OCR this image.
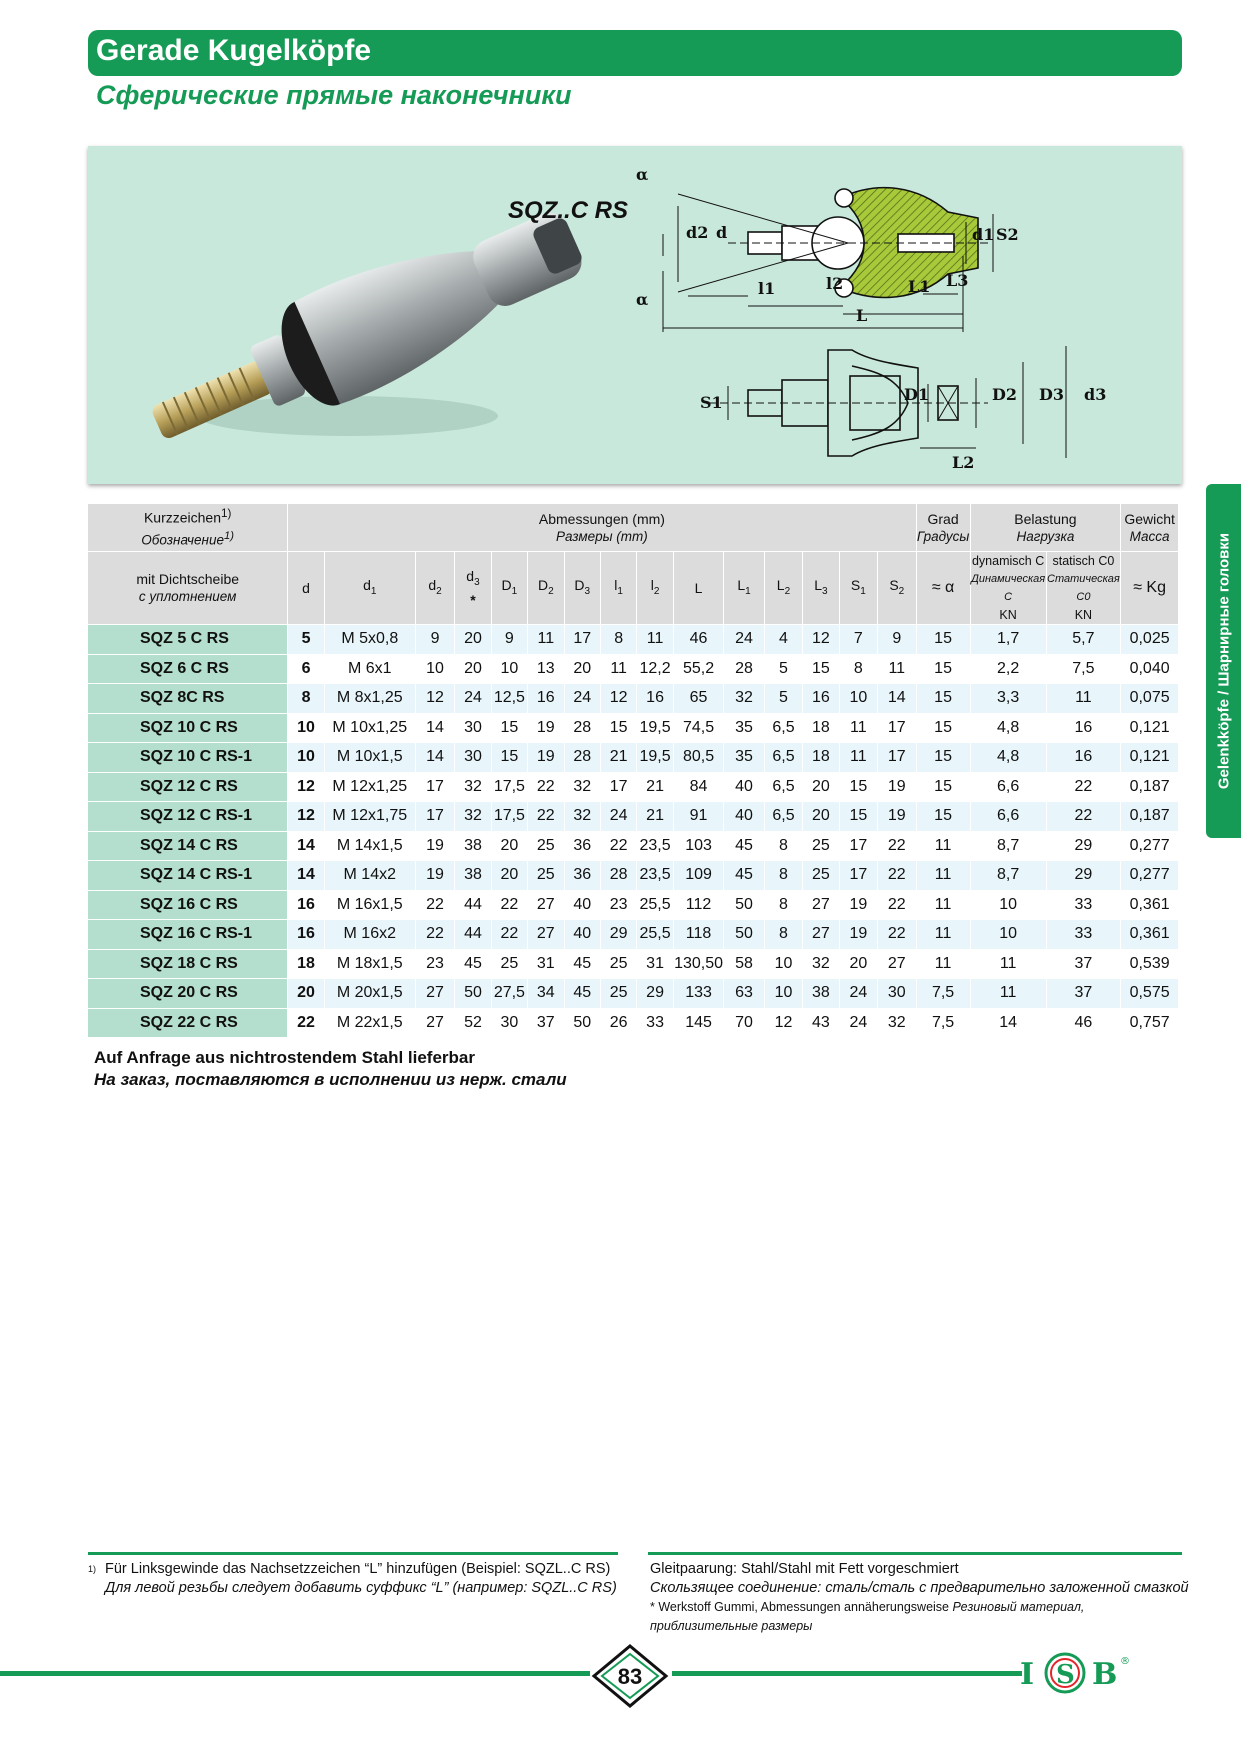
Gerade Kugelköpfe
Сферические прямые наконечники
SQZ..C RS
α
α
d2 d	d1 S2
l1	l2	L1 L3
L
S1	D1	D2 D3 d3
L2
Gelenkköpfe / Шарнирные головки
Kurzzeichen$^{1)}$
Обозначение$^{1)}$	Abmessungen (mm)
Размеры (mm)															Grad
Градусы	Belastung
Нагрузка		Gewicht
Масса

mit Dichtscheibe
с уплотнением	d	$d_1$	$d_2$	$d_3$
*	$D_1$	$D_2$	$D_3$	$l_1$	$l_2$	L	$L_1$	$L_2$	$L_3$	$S_1$	$S_2$	≈ α	dynamisch C
Динамическая C
KN	statisch C0
Статическая C0
KN	≈ Kg
SQZ 5 C RS	5	M 5x0,8	9	20	9	11	17	8	11	46	24	4	12	7	9	15	1,7	5,7	0,025
SQZ 6 C RS	6	M 6x1	10	20	10	13	20	11	12,2	55,2	28	5	15	8	11	15	2,2	7,5	0,040
SQZ 8C RS	8	M 8x1,25	12	24	12,5	16	24	12	16	65	32	5	16	10	14	15	3,3	11	0,075
SQZ 10 C RS	10	M 10x1,25	14	30	15	19	28	15	19,5	74,5	35	6,5	18	11	17	15	4,8	16	0,121
SQZ 10 C RS-1	10	M 10x1,5	14	30	15	19	28	21	19,5	80,5	35	6,5	18	11	17	15	4,8	16	0,121
SQZ 12 C RS	12	M 12x1,25	17	32	17,5	22	32	17	21	84	40	6,5	20	15	19	15	6,6	22	0,187
SQZ 12 C RS-1	12	M 12x1,75	17	32	17,5	22	32	24	21	91	40	6,5	20	15	19	15	6,6	22	0,187
SQZ 14 C RS	14	M 14x1,5	19	38	20	25	36	22	23,5	103	45	8	25	17	22	11	8,7	29	0,277
SQZ 14 C RS-1	14	M 14x2	19	38	20	25	36	28	23,5	109	45	8	25	17	22	11	8,7	29	0,277
SQZ 16 C RS	16	M 16x1,5	22	44	22	27	40	23	25,5	112	50	8	27	19	22	11	10	33	0,361
SQZ 16 C RS-1	16	M 16x2	22	44	22	27	40	29	25,5	118	50	8	27	19	22	11	10	33	0,361
SQZ 18 C RS	18	M 18x1,5	23	45	25	31	45	25	31	130,50	58	10	32	20	27	11	11	37	0,539
SQZ 20 C RS	20	M 20x1,5	27	50	27,5	34	45	25	29	133	63	10	38	24	30	7,5	11	37	0,575
SQZ 22 C RS	22	M 22x1,5	27	52	30	37	50	26	33	145	70	12	43	24	32	7,5	14	46	0,757
Auf Anfrage aus nichtrostendem Stahl lieferbar
На заказ, поставляются в исполнении из нерж. стали
1) Für Linksgewinde das Nachsetzzeichen “L” hinzufügen (Beispiel: SQZL..C RS)
Для левой резьбы следует добавить суффикс “L” (например: SQZL..C RS)
Gleitpaarung: Stahl/Stahl mit Fett vorgeschmiert
Скользящее соединение: сталь/сталь с предварительно заложенной смазкой
* Werkstoff Gummi, Abmessungen annäherungsweise Резиновый материал, приблизительные размеры
83	I S B ®
